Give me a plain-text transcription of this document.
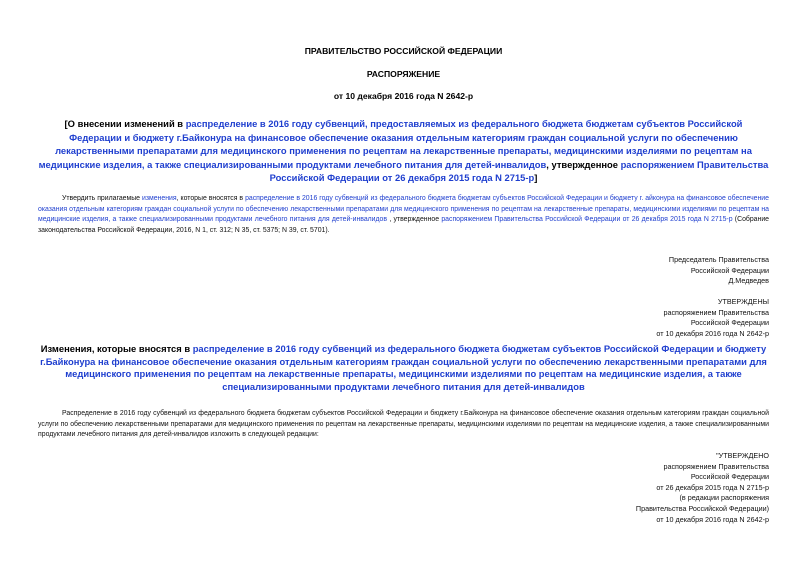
ПРАВИТЕЛЬСТВО РОССИЙСКОЙ ФЕДЕРАЦИИ
РАСПОРЯЖЕНИЕ
от 10 декабря 2016 года N 2642-р
[О внесении изменений в распределение в 2016 году субвенций, предоставляемых из федерального бюджета бюджетам субъектов Российской Федерации и бюджету г.Байконура на финансовое обеспечение оказания отдельным категориям граждан социальной услуги по обеспечению лекарственными препаратами для медицинского применения по рецептам на лекарственные препараты, медицинскими изделиями по рецептам на медицинские изделия, а также специализированными продуктами лечебного питания для детей-инвалидов, утвержденное распоряжением Правительства Российской Федерации от 26 декабря 2015 года N 2715-р]
Утвердить прилагаемые изменения, которые вносятся в распределение в 2016 году субвенций из федерального бюджета бюджетам субъектов Российской Федерации и бюджету г. айконура на финансовое обеспечение оказания отдельным категориям граждан социальной услуги по обеспечению лекарственными препаратами для медицинского применения по рецептам на лекарственные препараты, медицинскими изделиями по рецептам на медицинские изделия, а также специализированными продуктами лечебного питания для детей-инвалидов , утвержденное распоряжением Правительства Российской Федерации от 26 декабря 2015 года N 2715-р (Собрание законодательства Российской Федерации, 2016, N 1, ст. 312; N 35, ст. 5375; N 39, ст. 5701).
Председатель Правительства
Российской Федерации
Д.Медведев
УТВЕРЖДЕНЫ
распоряжением Правительства
Российской Федерации
от 10 декабря 2016 года N 2642-р
Изменения, которые вносятся в распределение в 2016 году субвенций из федерального бюджета бюджетам субъектов Российской Федерации и бюджету г.Байконура на финансовое обеспечение оказания отдельным категориям граждан социальной услуги по обеспечению лекарственными препаратами для медицинского применения по рецептам на лекарственные препараты, медицинскими изделиями по рецептам на медицинские изделия, а также специализированными продуктами лечебного питания для детей-инвалидов
Распределение в 2016 году субвенций из федерального бюджета бюджетам субъектов Российской Федерации и бюджету г.Байконура на финансовое обеспечение оказания отдельным категориям граждан социальной услуги по обеспечению лекарственными препаратами для медицинского применения по рецептам на лекарственные препараты, медицинскими изделиями по рецептам на медицинские изделия, а также специализированными продуктами лечебного питания для детей-инвалидов изложить в следующей редакции:
"УТВЕРЖДЕНО
распоряжением Правительства
Российской Федерации
от 26 декабря 2015 года N 2715-р
(в редакции распоряжения
Правительства Российской Федерации)
от 10 декабря 2016 года N 2642-р
